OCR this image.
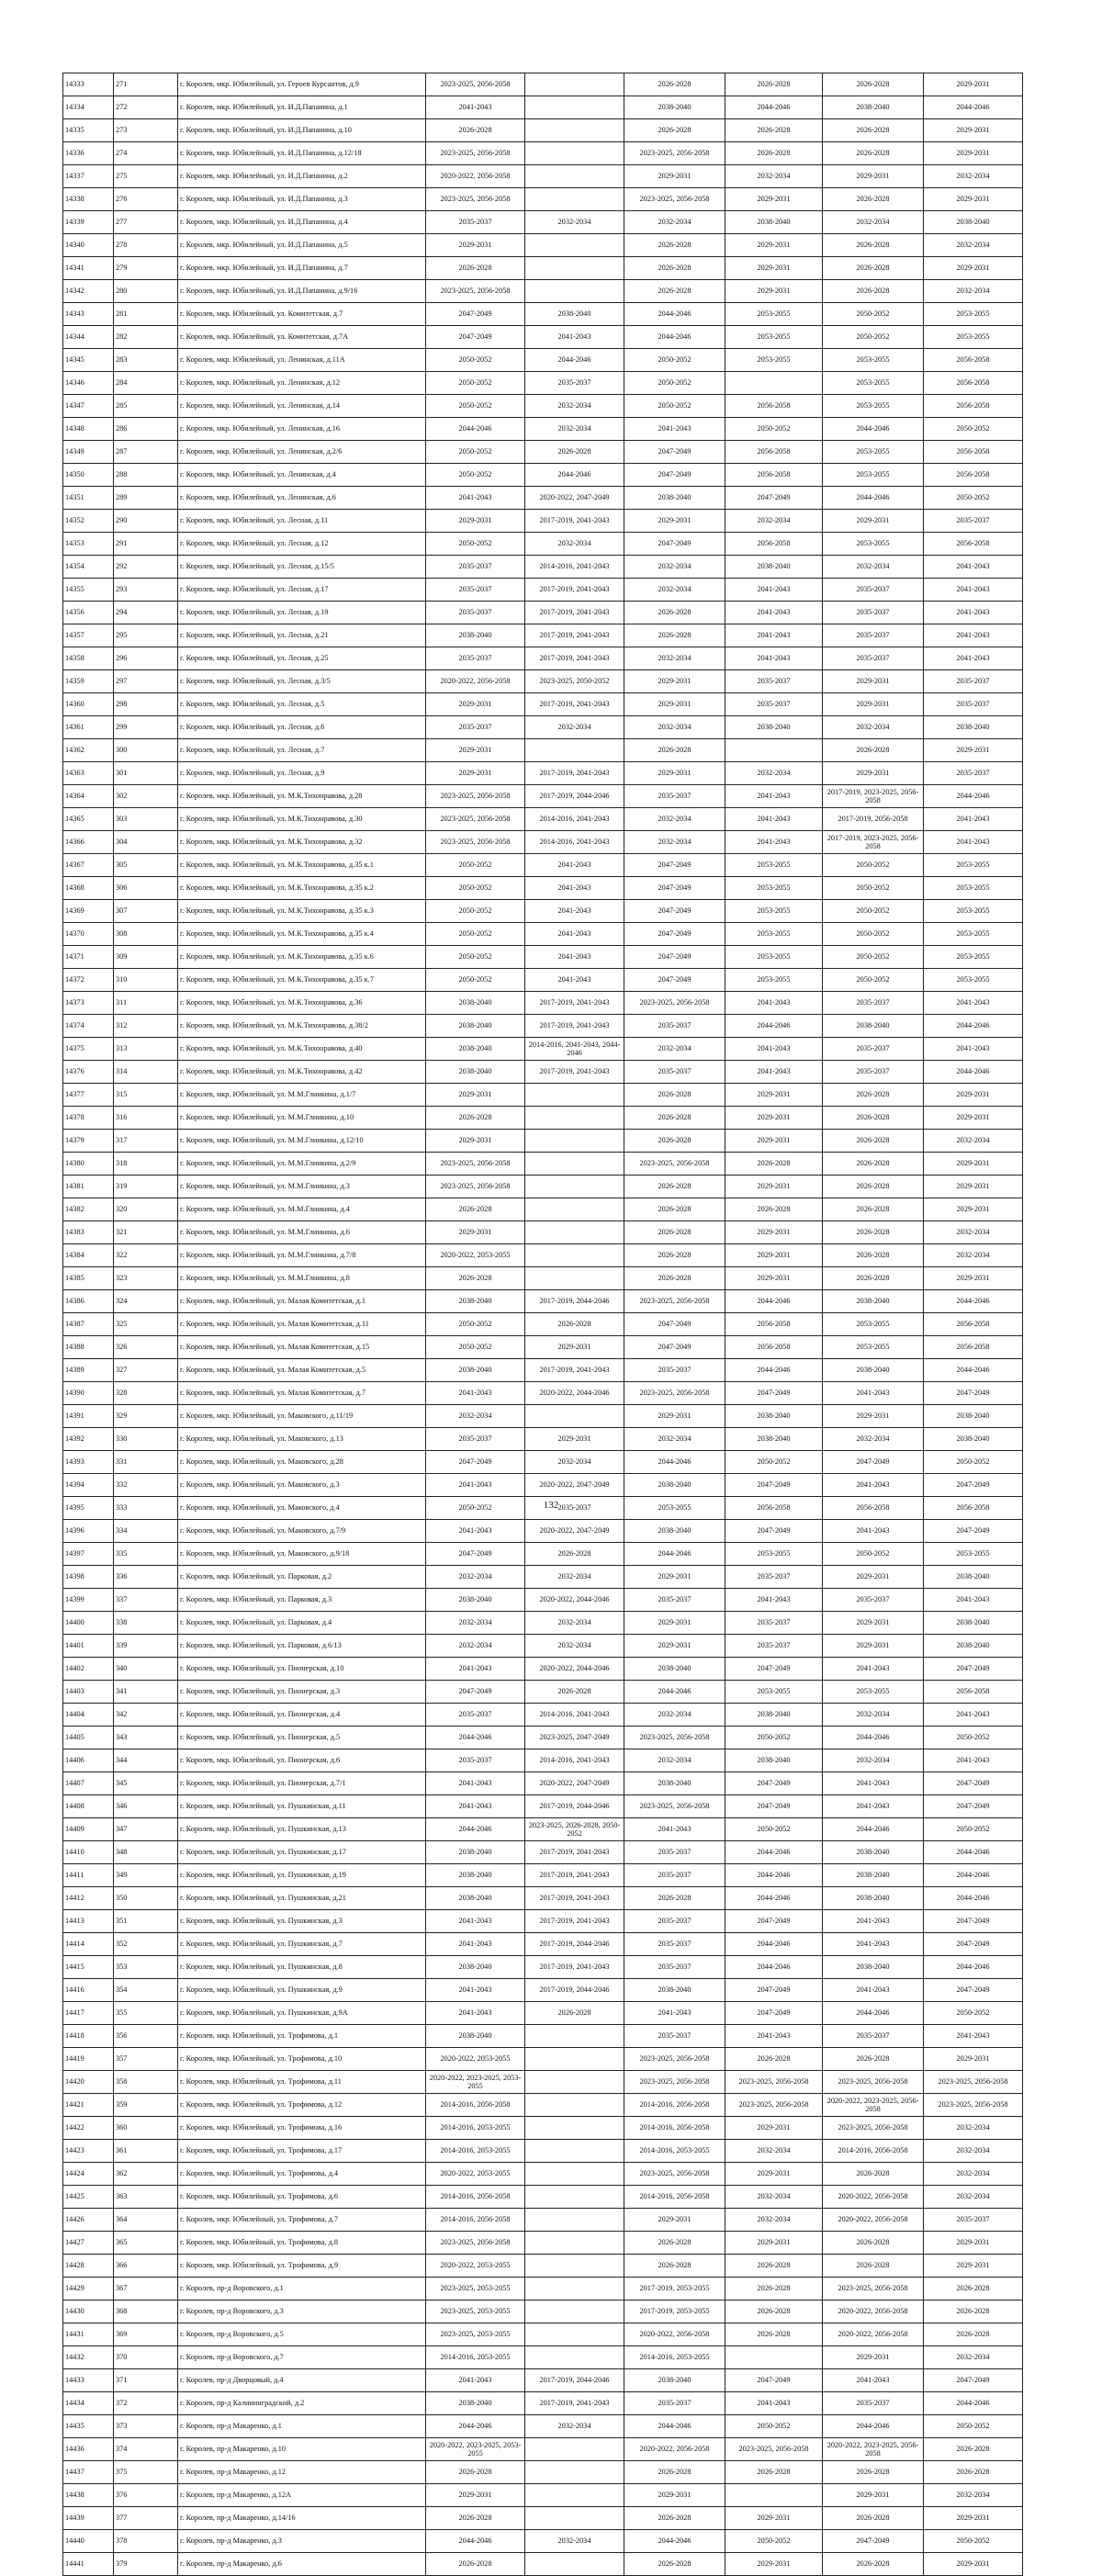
14333	271	г. Королев, мкр. Юбилейный, ул. Героев Курсантов, д.9	2023-2025, 2056-2058		2026-2028	2026-2028	2026-2028	2029-2031
14334	272	г. Королев, мкр. Юбилейный, ул. И.Д.Папанина, д.1	2041-2043		2038-2040	2044-2046	2038-2040	2044-2046
14335	273	г. Королев, мкр. Юбилейный, ул. И.Д.Папанина, д.10	2026-2028		2026-2028	2026-2028	2026-2028	2029-2031
14336	274	г. Королев, мкр. Юбилейный, ул. И.Д.Папанина, д.12/18	2023-2025, 2056-2058		2023-2025, 2056-2058	2026-2028	2026-2028	2029-2031
14337	275	г. Королев, мкр. Юбилейный, ул. И.Д.Папанина, д.2	2020-2022, 2056-2058		2029-2031	2032-2034	2029-2031	2032-2034
14338	276	г. Королев, мкр. Юбилейный, ул. И.Д.Папанина, д.3	2023-2025, 2056-2058		2023-2025, 2056-2058	2029-2031	2026-2028	2029-2031
14339	277	г. Королев, мкр. Юбилейный, ул. И.Д.Папанина, д.4	2035-2037	2032-2034	2032-2034	2038-2040	2032-2034	2038-2040
14340	278	г. Королев, мкр. Юбилейный, ул. И.Д.Папанина, д.5	2029-2031		2026-2028	2029-2031	2026-2028	2032-2034
14341	279	г. Королев, мкр. Юбилейный, ул. И.Д.Папанина, д.7	2026-2028		2026-2028	2029-2031	2026-2028	2029-2031
14342	280	г. Королев, мкр. Юбилейный, ул. И.Д.Папанина, д.9/16	2023-2025, 2056-2058		2026-2028	2029-2031	2026-2028	2032-2034
14343	281	г. Королев, мкр. Юбилейный, ул. Комитетская, д.7	2047-2049	2038-2040	2044-2046	2053-2055	2050-2052	2053-2055
14344	282	г. Королев, мкр. Юбилейный, ул. Комитетская, д.7А	2047-2049	2041-2043	2044-2046	2053-2055	2050-2052	2053-2055
14345	283	г. Королев, мкр. Юбилейный, ул. Ленинская, д.11А	2050-2052	2044-2046	2050-2052	2053-2055	2053-2055	2056-2058
14346	284	г. Королев, мкр. Юбилейный, ул. Ленинская, д.12	2050-2052	2035-2037	2050-2052		2053-2055	2056-2058
14347	285	г. Королев, мкр. Юбилейный, ул. Ленинская, д.14	2050-2052	2032-2034	2050-2052	2056-2058	2053-2055	2056-2058
14348	286	г. Королев, мкр. Юбилейный, ул. Ленинская, д.16	2044-2046	2032-2034	2041-2043	2050-2052	2044-2046	2050-2052
14349	287	г. Королев, мкр. Юбилейный, ул. Ленинская, д.2/6	2050-2052	2026-2028	2047-2049	2056-2058	2053-2055	2056-2058
14350	288	г. Королев, мкр. Юбилейный, ул. Ленинская, д.4	2050-2052	2044-2046	2047-2049	2056-2058	2053-2055	2056-2058
14351	289	г. Королев, мкр. Юбилейный, ул. Ленинская, д.6	2041-2043	2020-2022, 2047-2049	2038-2040	2047-2049	2044-2046	2050-2052
14352	290	г. Королев, мкр. Юбилейный, ул. Лесная, д.11	2029-2031	2017-2019, 2041-2043	2029-2031	2032-2034	2029-2031	2035-2037
14353	291	г. Королев, мкр. Юбилейный, ул. Лесная, д.12	2050-2052	2032-2034	2047-2049	2056-2058	2053-2055	2056-2058
14354	292	г. Королев, мкр. Юбилейный, ул. Лесная, д.15/5	2035-2037	2014-2016, 2041-2043	2032-2034	2038-2040	2032-2034	2041-2043
14355	293	г. Королев, мкр. Юбилейный, ул. Лесная, д.17	2035-2037	2017-2019, 2041-2043	2032-2034	2041-2043	2035-2037	2041-2043
14356	294	г. Королев, мкр. Юбилейный, ул. Лесная, д.19	2035-2037	2017-2019, 2041-2043	2026-2028	2041-2043	2035-2037	2041-2043
14357	295	г. Королев, мкр. Юбилейный, ул. Лесная, д.21	2038-2040	2017-2019, 2041-2043	2026-2028	2041-2043	2035-2037	2041-2043
14358	296	г. Королев, мкр. Юбилейный, ул. Лесная, д.25	2035-2037	2017-2019, 2041-2043	2032-2034	2041-2043	2035-2037	2041-2043
14359	297	г. Королев, мкр. Юбилейный, ул. Лесная, д.3/5	2020-2022, 2056-2058	2023-2025, 2050-2052	2029-2031	2035-2037	2029-2031	2035-2037
14360	298	г. Королев, мкр. Юбилейный, ул. Лесная, д.5	2029-2031	2017-2019, 2041-2043	2029-2031	2035-2037	2029-2031	2035-2037
14361	299	г. Королев, мкр. Юбилейный, ул. Лесная, д.6	2035-2037	2032-2034	2032-2034	2038-2040	2032-2034	2038-2040
14362	300	г. Королев, мкр. Юбилейный, ул. Лесная, д.7	2029-2031		2026-2028		2026-2028	2029-2031
14363	301	г. Королев, мкр. Юбилейный, ул. Лесная, д.9	2029-2031	2017-2019, 2041-2043	2029-2031	2032-2034	2029-2031	2035-2037
14364	302	г. Королев, мкр. Юбилейный, ул. М.К.Тихонравова, д.28	2023-2025, 2056-2058	2017-2019, 2044-2046	2035-2037	2041-2043	2017-2019, 2023-2025, 2056-2058	2044-2046
14365	303	г. Королев, мкр. Юбилейный, ул. М.К.Тихонравова, д.30	2023-2025, 2056-2058	2014-2016, 2041-2043	2032-2034	2041-2043	2017-2019, 2056-2058	2041-2043
14366	304	г. Королев, мкр. Юбилейный, ул. М.К.Тихонравова, д.32	2023-2025, 2056-2058	2014-2016, 2041-2043	2032-2034	2041-2043	2017-2019, 2023-2025, 2056-2058	2041-2043
14367	305	г. Королев, мкр. Юбилейный, ул. М.К.Тихонравова, д.35 к.1	2050-2052	2041-2043	2047-2049	2053-2055	2050-2052	2053-2055
14368	306	г. Королев, мкр. Юбилейный, ул. М.К.Тихонравова, д.35 к.2	2050-2052	2041-2043	2047-2049	2053-2055	2050-2052	2053-2055
14369	307	г. Королев, мкр. Юбилейный, ул. М.К.Тихонравова, д.35 к.3	2050-2052	2041-2043	2047-2049	2053-2055	2050-2052	2053-2055
14370	308	г. Королев, мкр. Юбилейный, ул. М.К.Тихонравова, д.35 к.4	2050-2052	2041-2043	2047-2049	2053-2055	2050-2052	2053-2055
14371	309	г. Королев, мкр. Юбилейный, ул. М.К.Тихонравова, д.35 к.6	2050-2052	2041-2043	2047-2049	2053-2055	2050-2052	2053-2055
14372	310	г. Королев, мкр. Юбилейный, ул. М.К.Тихонравова, д.35 к.7	2050-2052	2041-2043	2047-2049	2053-2055	2050-2052	2053-2055
14373	311	г. Королев, мкр. Юбилейный, ул. М.К.Тихонравова, д.36	2038-2040	2017-2019, 2041-2043	2023-2025, 2056-2058	2041-2043	2035-2037	2041-2043
14374	312	г. Королев, мкр. Юбилейный, ул. М.К.Тихонравова, д.38/2	2038-2040	2017-2019, 2041-2043	2035-2037	2044-2046	2038-2040	2044-2046
14375	313	г. Королев, мкр. Юбилейный, ул. М.К.Тихонравова, д.40	2038-2040	2014-2016, 2041-2043, 2044-2046	2032-2034	2041-2043	2035-2037	2041-2043
14376	314	г. Королев, мкр. Юбилейный, ул. М.К.Тихонравова, д.42	2038-2040	2017-2019, 2041-2043	2035-2037	2041-2043	2035-2037	2044-2046
14377	315	г. Королев, мкр. Юбилейный, ул. М.М.Глинкина, д.1/7	2029-2031		2026-2028	2029-2031	2026-2028	2029-2031
14378	316	г. Королев, мкр. Юбилейный, ул. М.М.Глинкина, д.10	2026-2028		2026-2028	2029-2031	2026-2028	2029-2031
14379	317	г. Королев, мкр. Юбилейный, ул. М.М.Глинкина, д.12/10	2029-2031		2026-2028	2029-2031	2026-2028	2032-2034
14380	318	г. Королев, мкр. Юбилейный, ул. М.М.Глинкина, д.2/9	2023-2025, 2056-2058		2023-2025, 2056-2058	2026-2028	2026-2028	2029-2031
14381	319	г. Королев, мкр. Юбилейный, ул. М.М.Глинкина, д.3	2023-2025, 2056-2058		2026-2028	2029-2031	2026-2028	2029-2031
14382	320	г. Королев, мкр. Юбилейный, ул. М.М.Глинкина, д.4	2026-2028		2026-2028	2026-2028	2026-2028	2029-2031
14383	321	г. Королев, мкр. Юбилейный, ул. М.М.Глинкина, д.6	2029-2031		2026-2028	2029-2031	2026-2028	2032-2034
14384	322	г. Королев, мкр. Юбилейный, ул. М.М.Глинкина, д.7/8	2020-2022, 2053-2055		2026-2028	2029-2031	2026-2028	2032-2034
14385	323	г. Королев, мкр. Юбилейный, ул. М.М.Глинкина, д.8	2026-2028		2026-2028	2029-2031	2026-2028	2029-2031
14386	324	г. Королев, мкр. Юбилейный, ул. Малая Комитетская, д.1	2038-2040	2017-2019, 2044-2046	2023-2025, 2056-2058	2044-2046	2038-2040	2044-2046
14387	325	г. Королев, мкр. Юбилейный, ул. Малая Комитетская, д.11	2050-2052	2026-2028	2047-2049	2056-2058	2053-2055	2056-2058
14388	326	г. Королев, мкр. Юбилейный, ул. Малая Комитетская, д.15	2050-2052	2029-2031	2047-2049	2056-2058	2053-2055	2056-2058
14389	327	г. Королев, мкр. Юбилейный, ул. Малая Комитетская, д.5	2038-2040	2017-2019, 2041-2043	2035-2037	2044-2046	2038-2040	2044-2046
14390	328	г. Королев, мкр. Юбилейный, ул. Малая Комитетская, д.7	2041-2043	2020-2022, 2044-2046	2023-2025, 2056-2058	2047-2049	2041-2043	2047-2049
14391	329	г. Королев, мкр. Юбилейный, ул. Маковского, д.11/19	2032-2034		2029-2031	2038-2040	2029-2031	2038-2040
14392	330	г. Королев, мкр. Юбилейный, ул. Маковского, д.13	2035-2037	2029-2031	2032-2034	2038-2040	2032-2034	2038-2040
14393	331	г. Королев, мкр. Юбилейный, ул. Маковского, д.28	2047-2049	2032-2034	2044-2046	2050-2052	2047-2049	2050-2052
14394	332	г. Королев, мкр. Юбилейный, ул. Маковского, д.3	2041-2043	2020-2022, 2047-2049	2038-2040	2047-2049	2041-2043	2047-2049
14395	333	г. Королев, мкр. Юбилейный, ул. Маковского, д.4	2050-2052	2035-2037	2053-2055	2056-2058	2056-2058	2056-2058
14396	334	г. Королев, мкр. Юбилейный, ул. Маковского, д.7/9	2041-2043	2020-2022, 2047-2049	2038-2040	2047-2049	2041-2043	2047-2049
14397	335	г. Королев, мкр. Юбилейный, ул. Маковского, д.9/18	2047-2049	2026-2028	2044-2046	2053-2055	2050-2052	2053-2055
14398	336	г. Королев, мкр. Юбилейный, ул. Парковая, д.2	2032-2034	2032-2034	2029-2031	2035-2037	2029-2031	2038-2040
14399	337	г. Королев, мкр. Юбилейный, ул. Парковая, д.3	2038-2040	2020-2022, 2044-2046	2035-2037	2041-2043	2035-2037	2041-2043
14400	338	г. Королев, мкр. Юбилейный, ул. Парковая, д.4	2032-2034	2032-2034	2029-2031	2035-2037	2029-2031	2038-2040
14401	339	г. Королев, мкр. Юбилейный, ул. Парковая, д.6/13	2032-2034	2032-2034	2029-2031	2035-2037	2029-2031	2038-2040
14402	340	г. Королев, мкр. Юбилейный, ул. Пионерская, д.10	2041-2043	2020-2022, 2044-2046	2038-2040	2047-2049	2041-2043	2047-2049
14403	341	г. Королев, мкр. Юбилейный, ул. Пионерская, д.3	2047-2049	2026-2028	2044-2046	2053-2055	2053-2055	2056-2058
14404	342	г. Королев, мкр. Юбилейный, ул. Пионерская, д.4	2035-2037	2014-2016, 2041-2043	2032-2034	2038-2040	2032-2034	2041-2043
14405	343	г. Королев, мкр. Юбилейный, ул. Пионерская, д.5	2044-2046	2023-2025, 2047-2049	2023-2025, 2056-2058	2050-2052	2044-2046	2050-2052
14406	344	г. Королев, мкр. Юбилейный, ул. Пионерская, д.6	2035-2037	2014-2016, 2041-2043	2032-2034	2038-2040	2032-2034	2041-2043
14407	345	г. Королев, мкр. Юбилейный, ул. Пионерская, д.7/1	2041-2043	2020-2022, 2047-2049	2038-2040	2047-2049	2041-2043	2047-2049
14408	346	г. Королев, мкр. Юбилейный, ул. Пушкинская, д.11	2041-2043	2017-2019, 2044-2046	2023-2025, 2056-2058	2047-2049	2041-2043	2047-2049
14409	347	г. Королев, мкр. Юбилейный, ул. Пушкинская, д.13	2044-2046	2023-2025, 2026-2028, 2050-2052	2041-2043	2050-2052	2044-2046	2050-2052
14410	348	г. Королев, мкр. Юбилейный, ул. Пушкинская, д.17	2038-2040	2017-2019, 2041-2043	2035-2037	2044-2046	2038-2040	2044-2046
14411	349	г. Королев, мкр. Юбилейный, ул. Пушкинская, д.19	2038-2040	2017-2019, 2041-2043	2035-2037	2044-2046	2038-2040	2044-2046
14412	350	г. Королев, мкр. Юбилейный, ул. Пушкинская, д.21	2038-2040	2017-2019, 2041-2043	2026-2028	2044-2046	2038-2040	2044-2046
14413	351	г. Королев, мкр. Юбилейный, ул. Пушкинская, д.3	2041-2043	2017-2019, 2041-2043	2035-2037	2047-2049	2041-2043	2047-2049
14414	352	г. Королев, мкр. Юбилейный, ул. Пушкинская, д.7	2041-2043	2017-2019, 2044-2046	2035-2037	2044-2046	2041-2043	2047-2049
14415	353	г. Королев, мкр. Юбилейный, ул. Пушкинская, д.8	2038-2040	2017-2019, 2041-2043	2035-2037	2044-2046	2038-2040	2044-2046
14416	354	г. Королев, мкр. Юбилейный, ул. Пушкинская, д.9	2041-2043	2017-2019, 2044-2046	2038-2040	2047-2049	2041-2043	2047-2049
14417	355	г. Королев, мкр. Юбилейный, ул. Пушкинская, д.9А	2041-2043	2026-2028	2041-2043	2047-2049	2044-2046	2050-2052
14418	356	г. Королев, мкр. Юбилейный, ул. Трофимова, д.1	2038-2040		2035-2037	2041-2043	2035-2037	2041-2043
14419	357	г. Королев, мкр. Юбилейный, ул. Трофимова, д.10	2020-2022, 2053-2055		2023-2025, 2056-2058	2026-2028	2026-2028	2029-2031
14420	358	г. Королев, мкр. Юбилейный, ул. Трофимова, д.11	2020-2022, 2023-2025, 2053-2055		2023-2025, 2056-2058	2023-2025, 2056-2058	2023-2025, 2056-2058	2023-2025, 2056-2058
14421	359	г. Королев, мкр. Юбилейный, ул. Трофимова, д.12	2014-2016, 2056-2058		2014-2016, 2056-2058	2023-2025, 2056-2058	2020-2022, 2023-2025, 2056-2058	2023-2025, 2056-2058
14422	360	г. Королев, мкр. Юбилейный, ул. Трофимова, д.16	2014-2016, 2053-2055		2014-2016, 2056-2058	2029-2031	2023-2025, 2056-2058	2032-2034
14423	361	г. Королев, мкр. Юбилейный, ул. Трофимова, д.17	2014-2016, 2053-2055		2014-2016, 2053-2055	2032-2034	2014-2016, 2056-2058	2032-2034
14424	362	г. Королев, мкр. Юбилейный, ул. Трофимова, д.4	2020-2022, 2053-2055		2023-2025, 2056-2058	2029-2031	2026-2028	2032-2034
14425	363	г. Королев, мкр. Юбилейный, ул. Трофимова, д.6	2014-2016, 2056-2058		2014-2016, 2056-2058	2032-2034	2020-2022, 2056-2058	2032-2034
14426	364	г. Королев, мкр. Юбилейный, ул. Трофимова, д.7	2014-2016, 2056-2058		2029-2031	2032-2034	2020-2022, 2056-2058	2035-2037
14427	365	г. Королев, мкр. Юбилейный, ул. Трофимова, д.8	2023-2025, 2056-2058		2026-2028	2029-2031	2026-2028	2029-2031
14428	366	г. Королев, мкр. Юбилейный, ул. Трофимова, д.9	2020-2022, 2053-2055		2026-2028	2026-2028	2026-2028	2029-2031
14429	367	г. Королев, пр-д Воровского, д.1	2023-2025, 2053-2055		2017-2019, 2053-2055	2026-2028	2023-2025, 2056-2058	2026-2028
14430	368	г. Королев, пр-д Воровского, д.3	2023-2025, 2053-2055		2017-2019, 2053-2055	2026-2028	2020-2022, 2056-2058	2026-2028
14431	369	г. Королев, пр-д Воровского, д.5	2023-2025, 2053-2055		2020-2022, 2056-2058	2026-2028	2020-2022, 2056-2058	2026-2028
14432	370	г. Королев, пр-д Воровского, д.7	2014-2016, 2053-2055		2014-2016, 2053-2055		2029-2031	2032-2034
14433	371	г. Королев, пр-д Дворцовый, д.4	2041-2043	2017-2019, 2044-2046	2038-2040	2047-2049	2041-2043	2047-2049
14434	372	г. Королев, пр-д Калининградский, д.2	2038-2040	2017-2019, 2041-2043	2035-2037	2041-2043	2035-2037	2044-2046
14435	373	г. Королев, пр-д Макаренко, д.1	2044-2046	2032-2034	2044-2046	2050-2052	2044-2046	2050-2052
14436	374	г. Королев, пр-д Макаренко, д.10	2020-2022, 2023-2025, 2053-2055		2020-2022, 2056-2058	2023-2025, 2056-2058	2020-2022, 2023-2025, 2056-2058	2026-2028
14437	375	г. Королев, пр-д Макаренко, д.12	2026-2028		2026-2028	2026-2028	2026-2028	2026-2028
14438	376	г. Королев, пр-д Макаренко, д.12А	2029-2031		2029-2031		2029-2031	2032-2034
14439	377	г. Королев, пр-д Макаренко, д.14/16	2026-2028		2026-2028	2029-2031	2026-2028	2029-2031
14440	378	г. Королев, пр-д Макаренко, д.3	2044-2046	2032-2034	2044-2046	2050-2052	2047-2049	2050-2052
14441	379	г. Королев, пр-д Макаренко, д.6	2026-2028		2026-2028	2029-2031	2026-2028	2029-2031
132
